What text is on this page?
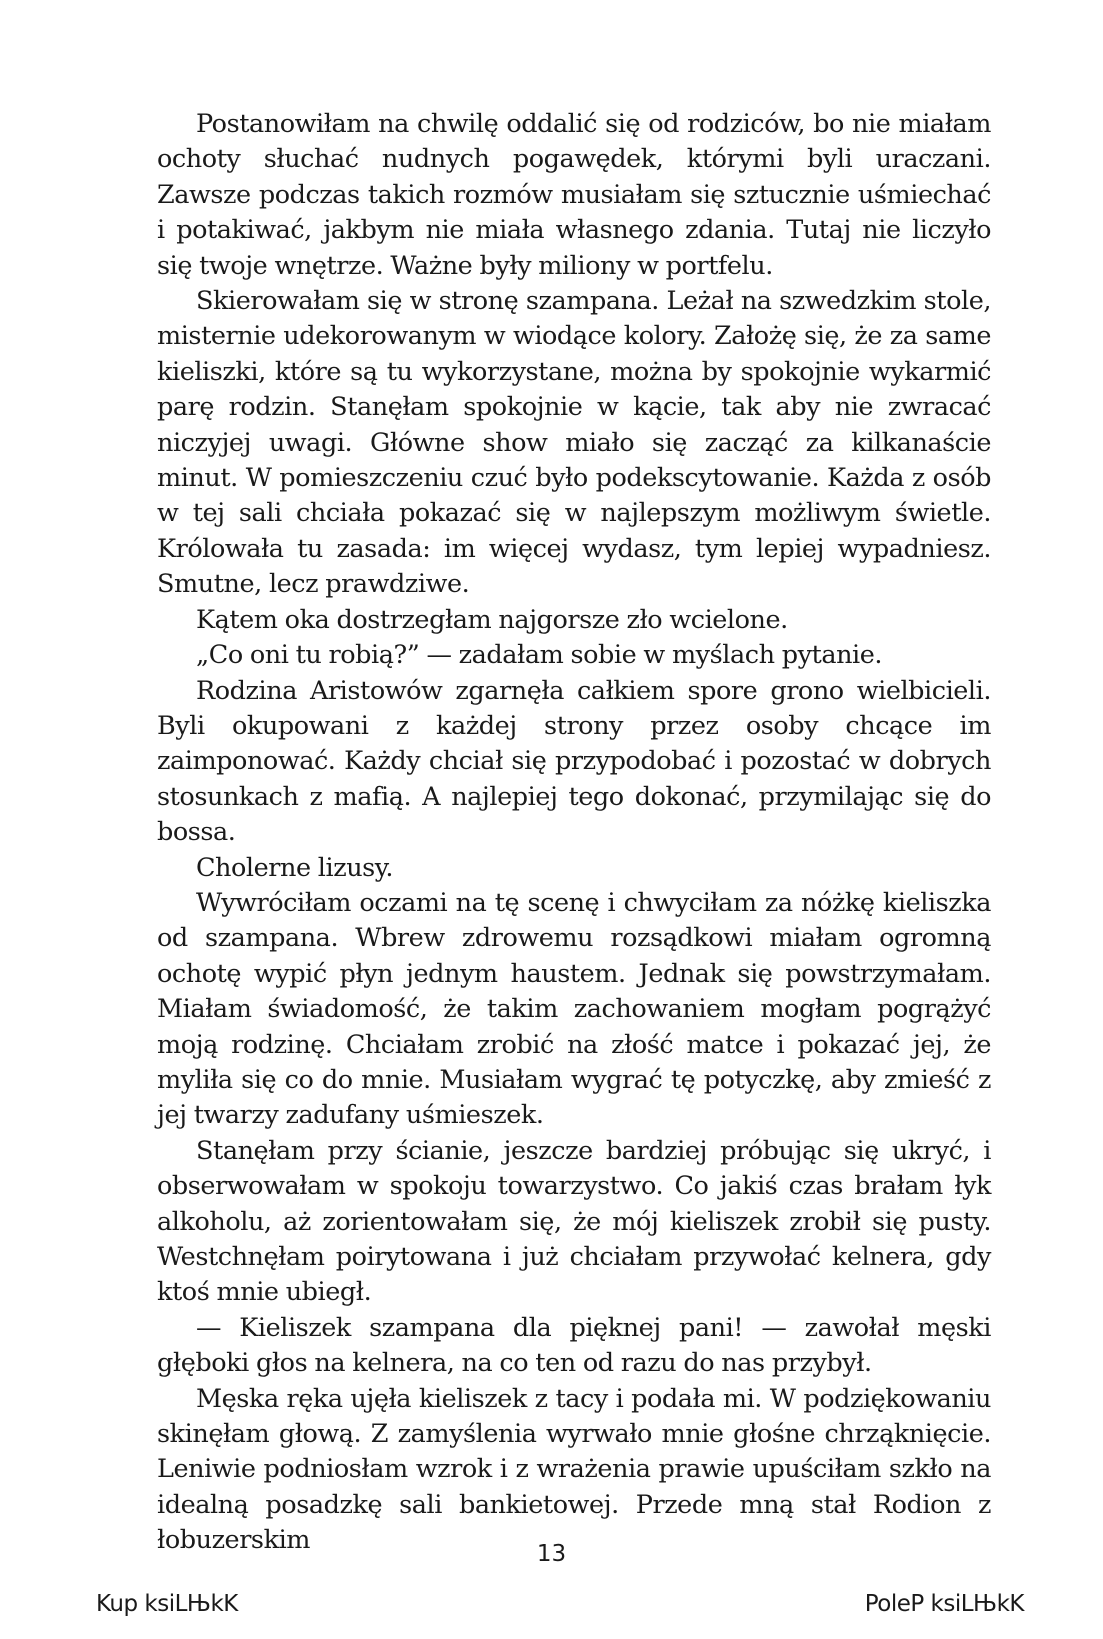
Postanowiłam na chwilę oddalić się od rodziców, bo nie miałam ochoty słuchać nudnych pogawędek, którymi byli uraczani. Zawsze podczas takich rozmów musiałam się sztucznie uśmiechać i potakiwać, jakbym nie miała własnego zdania. Tutaj nie liczyło się twoje wnętrze. Ważne były miliony w portfelu.

Skierowałam się w stronę szampana. Leżał na szwedzkim stole, misternie udekorowanym w wiodące kolory. Założę się, że za same kieliszki, które są tu wykorzystane, można by spokojnie wykarmić parę rodzin. Stanęłam spokojnie w kącie, tak aby nie zwracać niczyjej uwagi. Główne show miało się zacząć za kilkanaście minut. W pomieszczeniu czuć było podekscytowanie. Każda z osób w tej sali chciała pokazać się w najlepszym możliwym świetle. Królowała tu zasada: im więcej wydasz, tym lepiej wypadniesz. Smutne, lecz prawdziwe.

Kątem oka dostrzegłam najgorsze zło wcielone.

„Co oni tu robią?” — zadałam sobie w myślach pytanie.

Rodzina Aristowów zgarnęła całkiem spore grono wielbicieli. Byli okupowani z każdej strony przez osoby chcące im zaimponować. Każdy chciał się przypodobać i pozostać w dobrych stosunkach z mafią. A najlepiej tego dokonać, przymilając się do bossa.

Cholerne lizusy.

Wywróciłam oczami na tę scenę i chwyciłam za nóżkę kieliszka od szampana. Wbrew zdrowemu rozsądkowi miałam ogromną ochotę wypić płyn jednym haustem. Jednak się powstrzymałam. Miałam świadomość, że takim zachowaniem mogłam pogrążyć moją rodzinę. Chciałam zrobić na złość matce i pokazać jej, że myliła się co do mnie. Musiałam wygrać tę potyczkę, aby zmieść z jej twarzy zadufany uśmieszek.

Stanęłam przy ścianie, jeszcze bardziej próbując się ukryć, i obserwowałam w spokoju towarzystwo. Co jakiś czas brałam łyk alkoholu, aż zorientowałam się, że mój kieliszek zrobił się pusty. Westchnęłam poirytowana i już chciałam przywołać kelnera, gdy ktoś mnie ubiegł.

— Kieliszek szampana dla pięknej pani! — zawołał męski głęboki głos na kelnera, na co ten od razu do nas przybył.

Męska ręka ujęła kieliszek z tacy i podała mi. W podziękowaniu skinęłam głową. Z zamyślenia wyrwało mnie głośne chrząknięcie. Leniwie podniosłam wzrok i z wrażenia prawie upuściłam szkło na idealną posadzkę sali bankietowej. Przede mną stał Rodion z łobuzerskim	13
Kup ksiLЊkK	PoleP ksiLЊkK
